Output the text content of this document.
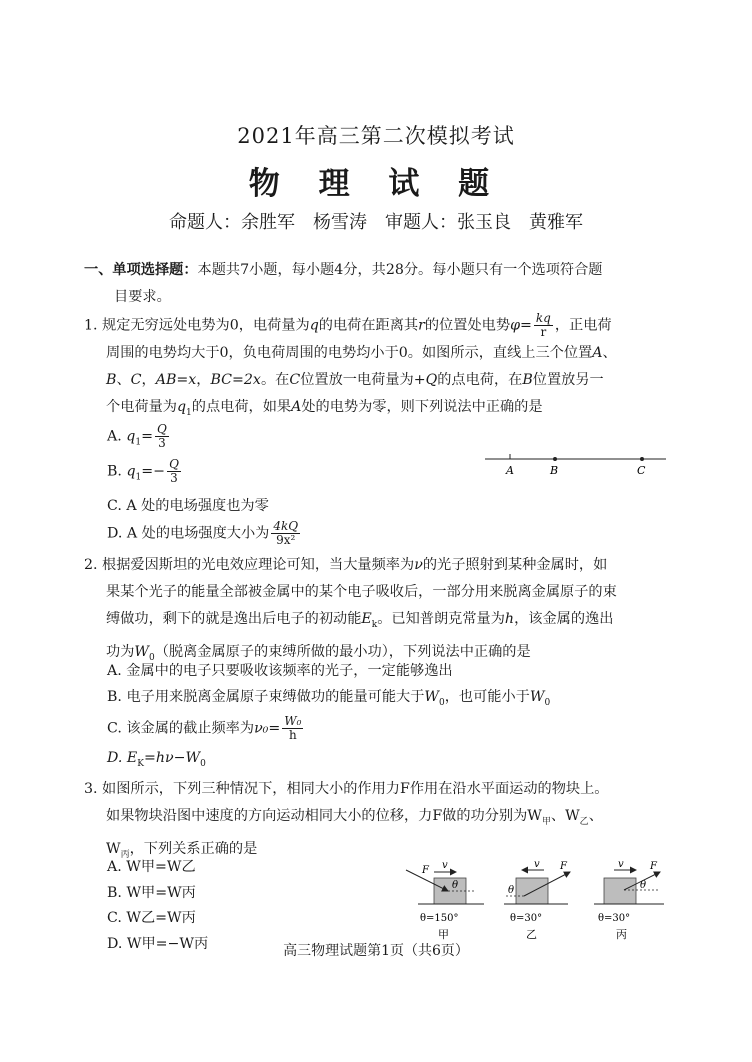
2021年高三第二次模拟考试
物 理 试 题
命题人：余胜军　杨雪涛　审题人：张玉良　黄雅军
一、单项选择题：本题共7小题，每小题4分，共28分。每小题只有一个选项符合题
目要求。
1. 规定无穷远处电势为0，电荷量为q的电荷在距离其r的位置处电势$\varphi= \frac{kq}{r}$ ，正电荷
周围的电势均大于0，负电荷周围的电势均小于0。如图所示，直线上三个位置A、
B、C，AB=x，BC=2x。在C位置放一电荷量为+Q的点电荷，在B位置放另一
个电荷量为$q_1$的点电荷，如果A处的电势为零，则下列说法中正确的是
A. $q_1= \frac{Q}{3}$
B. $q_1=- \frac{Q}{3}$
C. A 处的电场强度也为零
D. A 处的电场强度大小为 $\frac{4kQ}{\text{9x²}}$
A	B	C
2. 根据爱因斯坦的光电效应理论可知，当大量频率为ν的光子照射到某种金属时，如
果某个光子的能量全部被金属中的某个电子吸收后，一部分用来脱离金属原子的束
缚做功，剩下的就是逸出后电子的初动能$E_k$。已知普朗克常量为h，该金属的逸出
功为$W_0$（脱离金属原子的束缚所做的最小功），下列说法中正确的是
A. 金属中的电子只要吸收该频率的光子，一定能够逸出
B. 电子用来脱离金属原子束缚做功的能量可能大于$W_0$，也可能小于$W_0$
C. 该金属的截止频率为$\nu_0= \frac{\text{W₀}}{h}$
D. $E_K=h\nu-W_0$
3. 如图所示，下列三种情况下，相同大小的作用力F作用在沿水平面运动的物块上。
如果物块沿图中速度的方向运动相同大小的位移，力F做的功分别为$W_甲$、$W_乙$、
$W_丙$，下列关系正确的是
A. W甲=W乙
B. W甲=W丙
C. W乙=W丙
D. W甲=−W丙
F v
θ
θ=150°
甲
v F
θ
θ=30°
乙
v	F
θ
θ=30°
丙
高三物理试题第1页（共6页）
